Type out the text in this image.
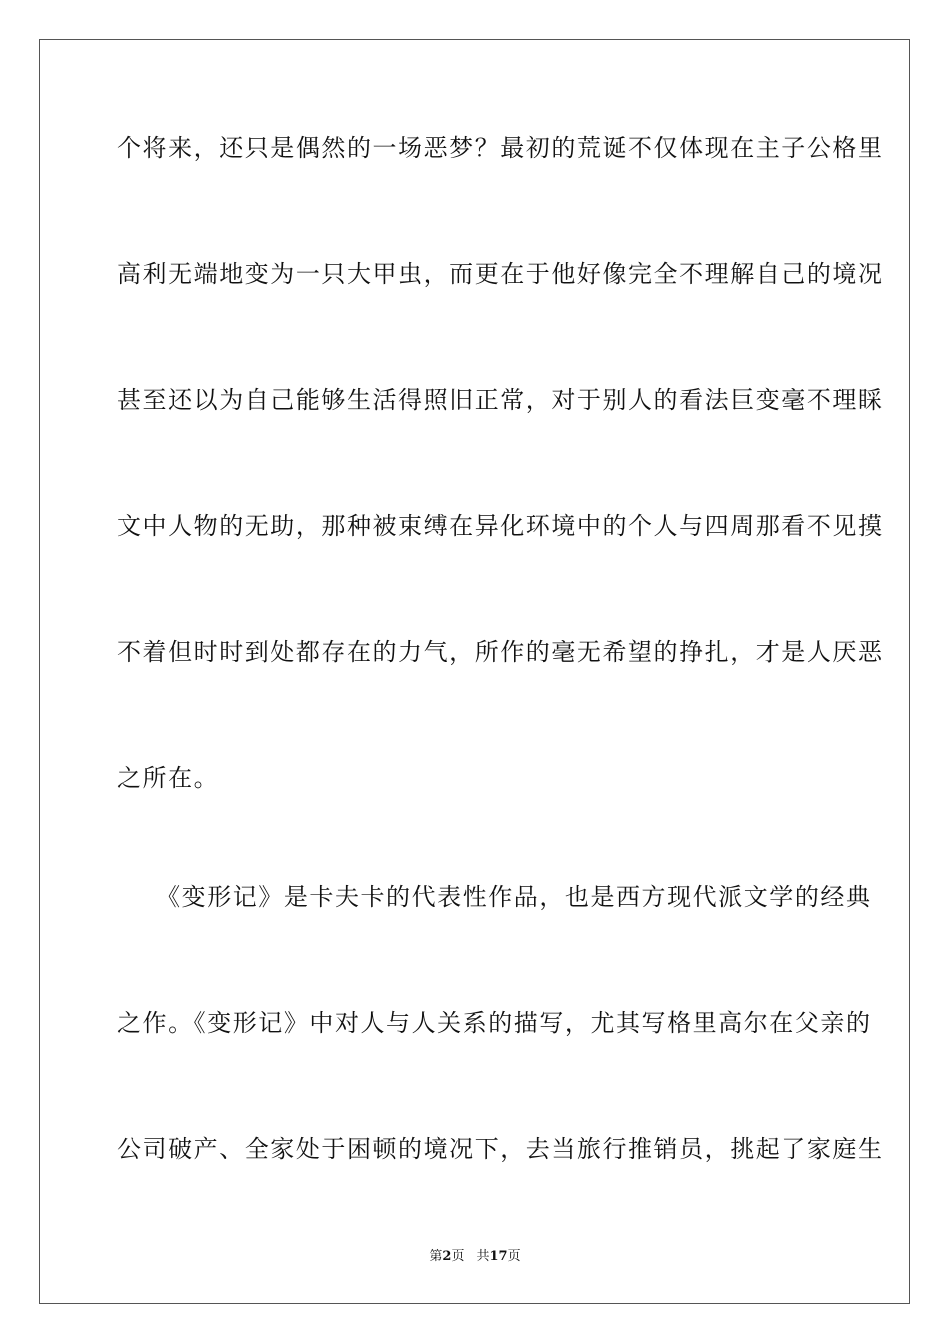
个将来，还只是偶然的一场恶梦？最初的荒诞不仅体现在主子公格里
高利无端地变为一只大甲虫，而更在于他好像完全不理解自己的境况
甚至还以为自己能够生活得照旧正常，对于别人的看法巨变毫不理睬
文中人物的无助，那种被束缚在异化环境中的个人与四周那看不见摸
不着但时时到处都存在的力气，所作的毫无希望的挣扎，才是人厌恶
之所在。
　　《变形记》是卡夫卡的代表性作品，也是西方现代派文学的经典
之作。《变形记》中对人与人关系的描写，尤其写格里高尔在父亲的
公司破产、全家处于困顿的境况下，去当旅行推销员，挑起了家庭生
第2页 共17页
